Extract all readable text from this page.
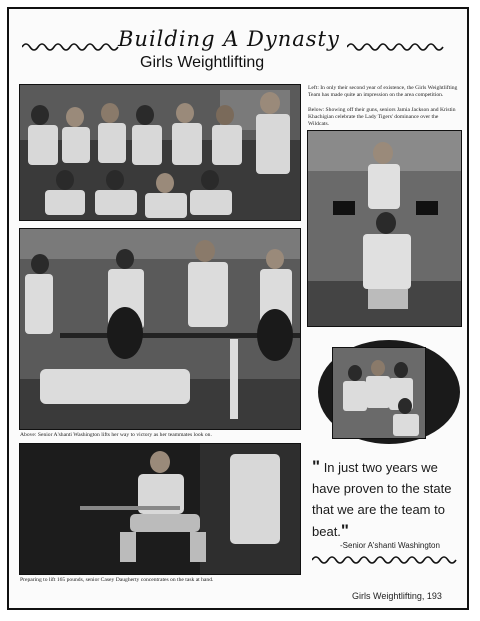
Building A Dynasty
Girls Weightlifting
Left: In only their second year of existence, the Girls Weightlifting Team has made quite an impression on the area competition.
Below: Showing off their guns, seniors Jamia Jackson and Kristin Khachigian celebrate the Lady Tigers' dominance over the Wildcats.
Above: Senior A'shanti Washington lifts her way to victory as her teammates look on.
Preparing to lift 165 pounds, senior Casey Daugherty concentrates on the task at hand.
" In just two years we have proven to the state that we are the team to beat."
-Senior A'shanti Washington
Girls Weightlifting, 193
